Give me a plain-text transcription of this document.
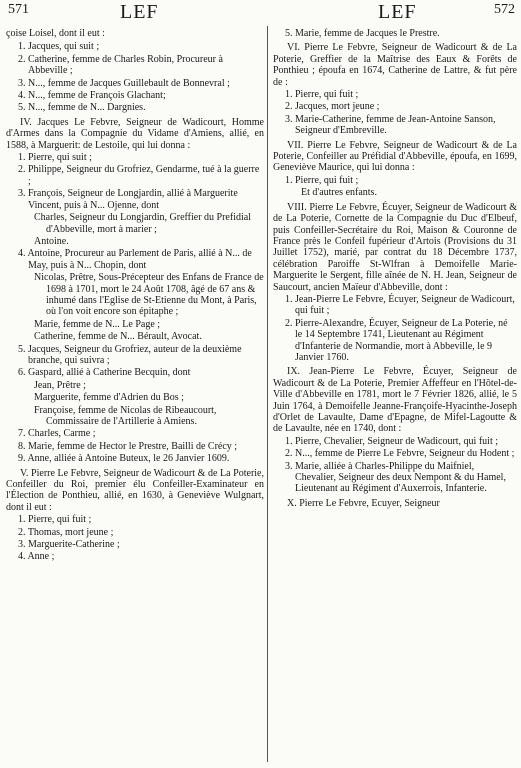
571	LEF	LEF	572
çoise Loisel, dont il eut :
1. Jacques, qui suit ;
2. Catherine, femme de Charles Robin, Procureur à Abbeville ;
3. N..., femme de Jacques Guillebault de Bonnevral ;
4. N..., femme de François Glachant;
5. N..., femme de N... Dargnies.
IV. Jacques Le Febvre, Seigneur de Wadicourt, Homme d'Armes dans la Compagnie du Vidame d'Amiens, allié, en 1588, à Marguerit: de Lestoile, qui lui donna :
1. Pierre, qui suit ;
2. Philippe, Seigneur du Grofriez, Gendarme, tué à la guerre ;
3. François, Seigneur de Longjardin, allié à Marguerite Vincent, puis à N... Ojenne, dont
Charles, Seigneur du Longjardin, Greffier du Prefidial d'Abbeville, mort à marier ;
Antoine.
4. Antoine, Procureur au Parlement de Paris, allié à N... de May, puis à N... Chopin, dont
Nicolas, Prêtre, Sous-Précepteur des Enfans de France de 1698 à 1701, mort le 24 Août 1708, âgé de 67 ans & inhumé dans l'Eglise de St-Etienne du Mont, à Paris, où l'on voit encore son épitaphe ;
Marie, femme de N... Le Page ;
Catherine, femme de N... Bérault, Avocat.
5. Jacques, Seigneur du Grofriez, auteur de la deuxième branche, qui suivra ;
6. Gaspard, allié à Catherine Becquin, dont
Jean, Prêtre ;
Marguerite, femme d'Adrien du Bos ;
Françoise, femme de Nicolas de Ribeaucourt, Commissaire de l'Artillerie à Amiens.
7. Charles, Carme ;
8. Marie, femme de Hector le Prestre, Bailli de Crécy ;
9. Anne, alliée à Antoine Buteux, le 26 Janvier 1609.
V. Pierre Le Febvre, Seigneur de Wadicourt & de La Poterie, Confeiller du Roi, premier élu Confeiller-Examinateur en l'Élection de Ponthieu, allié, en 1630, à Geneviève Wulgnart, dont il eut :
1. Pierre, qui fuit ;
2. Thomas, mort jeune ;
3. Marguerite-Catherine ;
4. Anne ;
5. Marie, femme de Jacques le Prestre.
VI. Pierre Le Febvre, Seigneur de Wadicourt & de La Poterie, Greffier de la Maîtrise des Eaux & Forêts de Ponthieu ; époufa en 1674, Catherine de Lattre, & fut père de :
1. Pierre, qui fuit ;
2. Jacques, mort jeune ;
3. Marie-Catherine, femme de Jean-Antoine Sanson, Seigneur d'Embreville.
VII. Pierre Le Febvre, Seigneur de Wadicourt & de La Poterie, Confeiller au Préfidial d'Abbeville, époufa, en 1699, Geneviève Maurice, qui lui donna :
1. Pierre, qui fuit ;
Et d'autres enfants.
VIII. Pierre Le Febvre, Écuyer, Seigneur de Wadicourt & de La Poterie, Cornette de la Compagnie du Duc d'Elbeuf, puis Confeiller-Secrétaire du Roi, Maison & Couronne de France près le Confeil fupérieur d'Artois (Provisions du 31 Juillet 1752), marié, par contrat du 18 Décembre 1737, célébration Paroiffe St-Wlfran à Demoifelle Marie-Marguerite le Sergent, fille aînée de N. H. Jean, Seigneur de Saucourt, ancien Maïeur d'Abbeville, dont :
1. Jean-Pierre Le Febvre, Écuyer, Seigneur de Wadicourt, qui fuit ;
2. Pierre-Alexandre, Écuyer, Seigneur de La Poterie, né le 14 Septembre 1741, Lieutenant au Régiment d'Infanterie de Normandie, mort à Abbeville, le 9 Janvier 1760.
IX. Jean-Pierre Le Febvre, Écuyer, Seigneur de Wadicourt & de La Poterie, Premier Affeffeur en l'Hôtel-de-Ville d'Abbeville en 1781, mort le 7 Février 1826, allié, le 5 Juin 1764, à Demoifelle Jeanne-Françoife-Hyacinthe-Joseph d'Orlet de Lavaulte, Dame d'Epagne, de Mifel-Lagoutte & de Lavaulte, née en 1740, dont :
1. Pierre, Chevalier, Seigneur de Wadicourt, qui fuit ;
2. N..., femme de Pierre Le Febvre, Seigneur du Hodent ;
3. Marie, alliée à Charles-Philippe du Maifniel, Chevalier, Seigneur des deux Nempont & du Hamel, Lieutenant au Régiment d'Auxerrois, Infanterie.
X. Pierre Le Febvre, Ecuyer, Seigneur
